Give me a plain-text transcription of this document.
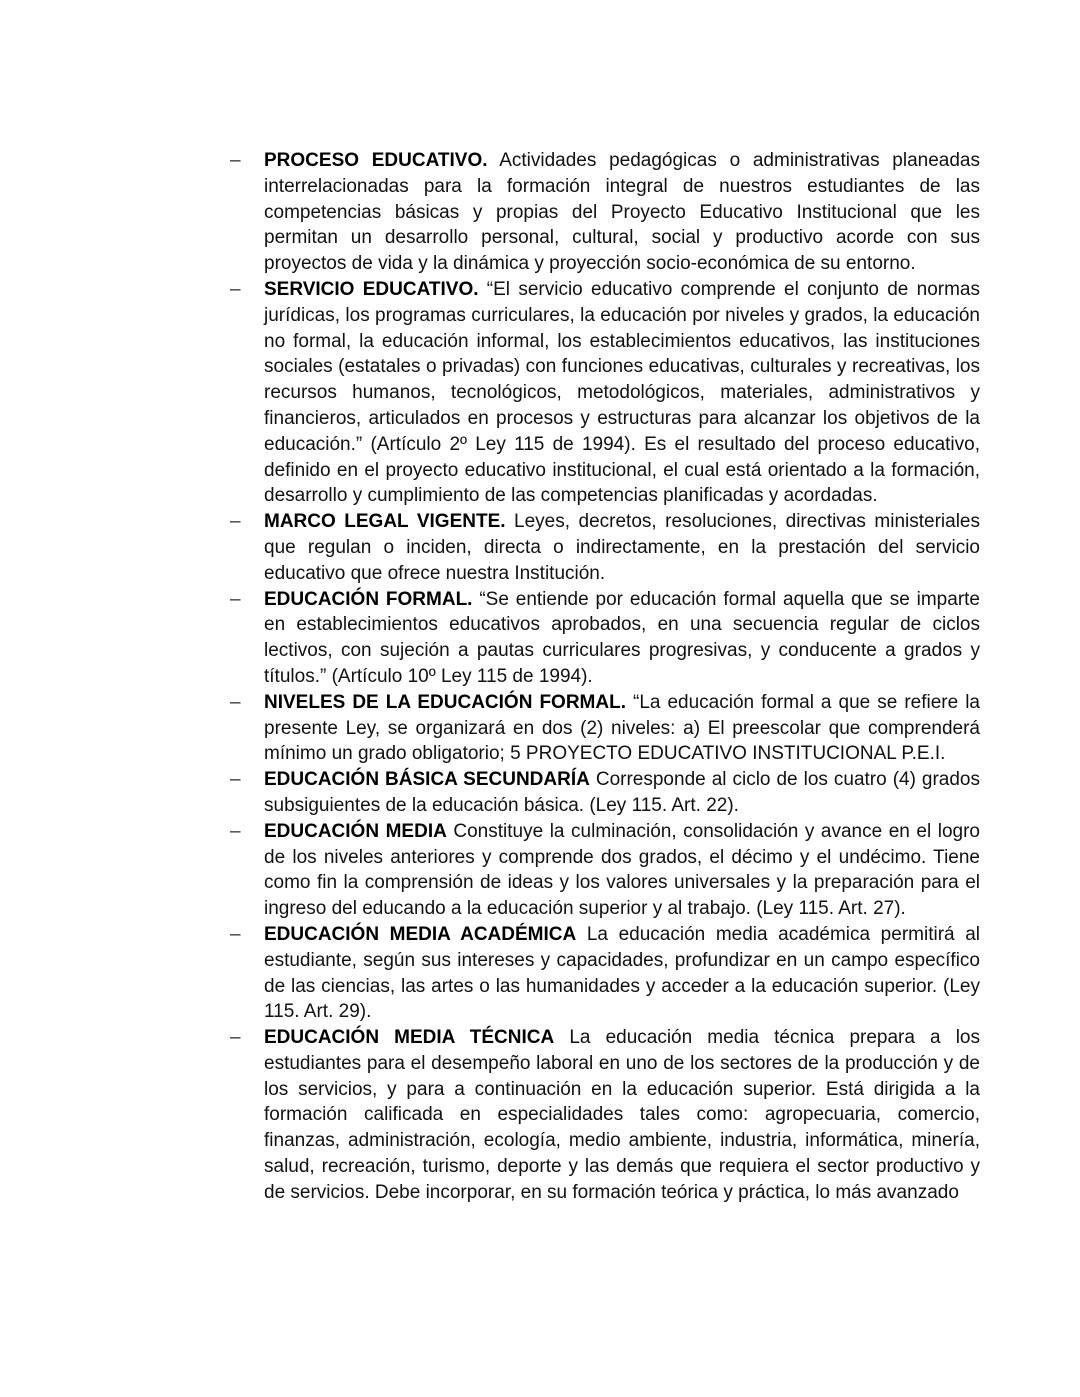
–	PROCESO EDUCATIVO. Actividades pedagógicas o administrativas planeadas interrelacionadas para la formación integral de nuestros estudiantes de las competencias básicas y propias del Proyecto Educativo Institucional que les permitan un desarrollo personal, cultural, social y productivo acorde con sus proyectos de vida y la dinámica y proyección socio-económica de su entorno.
–	SERVICIO EDUCATIVO. “El servicio educativo comprende el conjunto de normas jurídicas, los programas curriculares, la educación por niveles y grados, la educación no formal, la educación informal, los establecimientos educativos, las instituciones sociales (estatales o privadas) con funciones educativas, culturales y recreativas, los recursos humanos, tecnológicos, metodológicos, materiales, administrativos y financieros, articulados en procesos y estructuras para alcanzar los objetivos de la educación.” (Artículo 2º Ley 115 de 1994). Es el resultado del proceso educativo, definido en el proyecto educativo institucional, el cual está orientado a la formación, desarrollo y cumplimiento de las competencias planificadas y acordadas.
–	MARCO LEGAL VIGENTE. Leyes, decretos, resoluciones, directivas ministeriales que regulan o inciden, directa o indirectamente, en la prestación del servicio educativo que ofrece nuestra Institución.
–	EDUCACIÓN FORMAL. “Se entiende por educación formal aquella que se imparte en establecimientos educativos aprobados, en una secuencia regular de ciclos lectivos, con sujeción a pautas curriculares progresivas, y conducente a grados y títulos.” (Artículo 10º Ley 115 de 1994).
–	NIVELES DE LA EDUCACIÓN FORMAL. “La educación formal a que se refiere la presente Ley, se organizará en dos (2) niveles: a) El preescolar que comprenderá mínimo un grado obligatorio; 5 PROYECTO EDUCATIVO INSTITUCIONAL P.E.I.
–	EDUCACIÓN BÁSICA SECUNDARÍA Corresponde al ciclo de los cuatro (4) grados subsiguientes de la educación básica. (Ley 115. Art. 22).
–	EDUCACIÓN MEDIA Constituye la culminación, consolidación y avance en el logro de los niveles anteriores y comprende dos grados, el décimo y el undécimo. Tiene como fin la comprensión de ideas y los valores universales y la preparación para el ingreso del educando a la educación superior y al trabajo. (Ley 115. Art. 27).
–	EDUCACIÓN MEDIA ACADÉMICA La educación media académica permitirá al estudiante, según sus intereses y capacidades, profundizar en un campo específico de las ciencias, las artes o las humanidades y acceder a la educación superior. (Ley 115. Art. 29).
–	EDUCACIÓN MEDIA TÉCNICA La educación media técnica prepara a los estudiantes para el desempeño laboral en uno de los sectores de la producción y de los servicios, y para a continuación en la educación superior. Está dirigida a la formación calificada en especialidades tales como: agropecuaria, comercio, finanzas, administración, ecología, medio ambiente, industria, informática, minería, salud, recreación, turismo, deporte y las demás que requiera el sector productivo y de servicios. Debe incorporar, en su formación teórica y práctica, lo más avanzado
